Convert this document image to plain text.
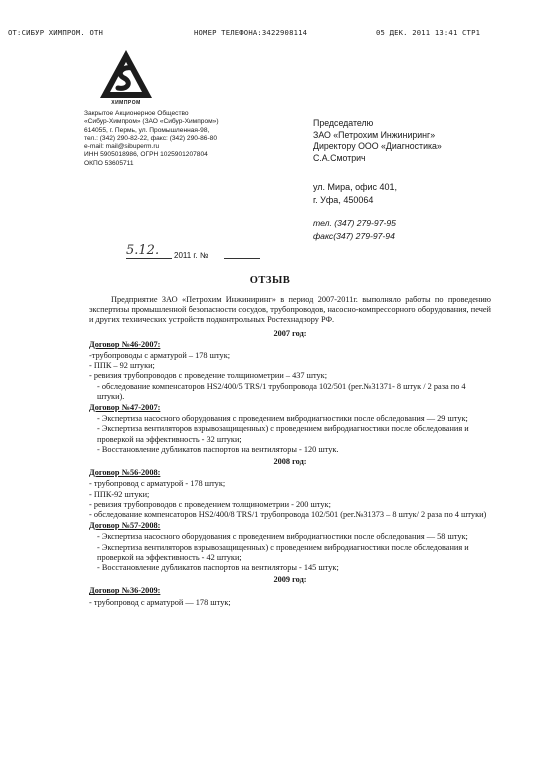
ОТ:СИБУР ХИМПРОМ. ОТН	НОМЕР ТЕЛЕФОНА:3422908114	05 ДЕК. 2011 13:41 СТР1
ХИМПРОМ
Закрытое Акционерное Общество
«Сибур-Химпром» (ЗАО «Сибур-Химпром»)
614055, г. Пермь, ул. Промышленная-98,
тел.: (342) 290-82-22, факс: (342) 290-86-80
e-mail: mail@sibuperm.ru
ИНН 5905018986, ОГРН 1025901207804
ОКПО 53605711
Председателю
ЗАО «Петрохим Инжиниринг»
Директору ООО «Диагностика»
С.А.Смотрич
ул. Мира, офис 401,
г. Уфа, 450064
тел. (347) 279-97-95
факс(347) 279-97-94
5.12. 2011 г. №
ОТЗЫВ

Предприятие ЗАО «Петрохим Инжиниринг» в период 2007-2011г. выполняло работы по проведению экспертизы промышленной безопасности сосудов, трубопроводов, насосно-компрессорного оборудования, печей и других технических устройств подконтрольных Ростехнадзору РФ.

2007 год:

Договор №46-2007:

-трубопроводы с арматурой – 178 штук;

- ППК – 92 штуки;

- ревизия трубопроводов с проведение толщинометрии – 437 штук;

- обследование компенсаторов HS2/400/5 TRS/1 трубопровода 102/501 (рег.№31371- 8 штук / 2 раза по 4 штуки).

Договор №47-2007:

- Экспертиза насосного оборудования с проведением вибродиагностики после обследования — 29 штук;

- Экспертиза вентиляторов взрывозащищенных) с проведением вибродиагностики после обследования и проверкой на эффективность - 32 штуки;

- Восстановление дубликатов паспортов на вентиляторы - 120 штук.

2008 год:

Договор №56-2008:

- трубопровод с арматурой - 178 штук;

- ППК-92 штуки;

- ревизия трубопроводов с проведением толщинометрии - 200 штук;

- обследование компенсаторов HS2/400/8 TRS/1 трубопровода 102/501 (рег.№31373 – 8 штук/ 2 раза по 4 штуки)

Договор №57-2008:

- Экспертиза насосного оборудования с проведением вибродиагностики после обследования — 58 штук;

- Экспертиза вентиляторов взрывозащищенных) с проведением вибродиагностики после обследования и проверкой на эффективность - 42 штуки;

- Восстановление дубликатов паспортов на вентиляторы - 145 штук;

2009 год:

Договор №36-2009:

- трубопровод с арматурой — 178 штук;
